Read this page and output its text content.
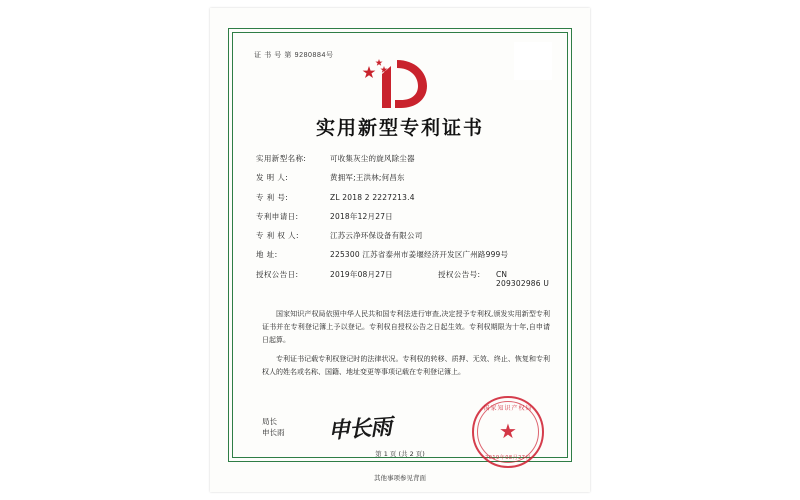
证 书 号 第 9280884号
实用新型专利证书
实用新型名称:	可收集灰尘的旋风除尘器
发 明 人:	黄拥军;王洪林;何昌东
专 利 号:	ZL 2018 2 2227213.4
专利申请日:	2018年12月27日
专 利 权 人:	江苏云净环保设备有限公司
地 址:	225300 江苏省泰州市姜堰经济开发区广州路999号
授权公告日:	2019年08月27日	授权公告号:	CN 209302986 U

国家知识产权局依照中华人民共和国专利法进行审查,决定授予专利权,颁发实用新型专利证书并在专利登记簿上予以登记。专利权自授权公告之日起生效。专利权期限为十年,自申请日起算。

专利证书记载专利权登记时的法律状况。专利权的转移、质押、无效、终止、恢复和专利权人的姓名或名称、国籍、地址变更等事项记载在专利登记簿上。

局长
申长雨 申长雨
国家知识产权局
★
2019年08月27日
第 1 页 (共 2 页)
其他事项参见背面
